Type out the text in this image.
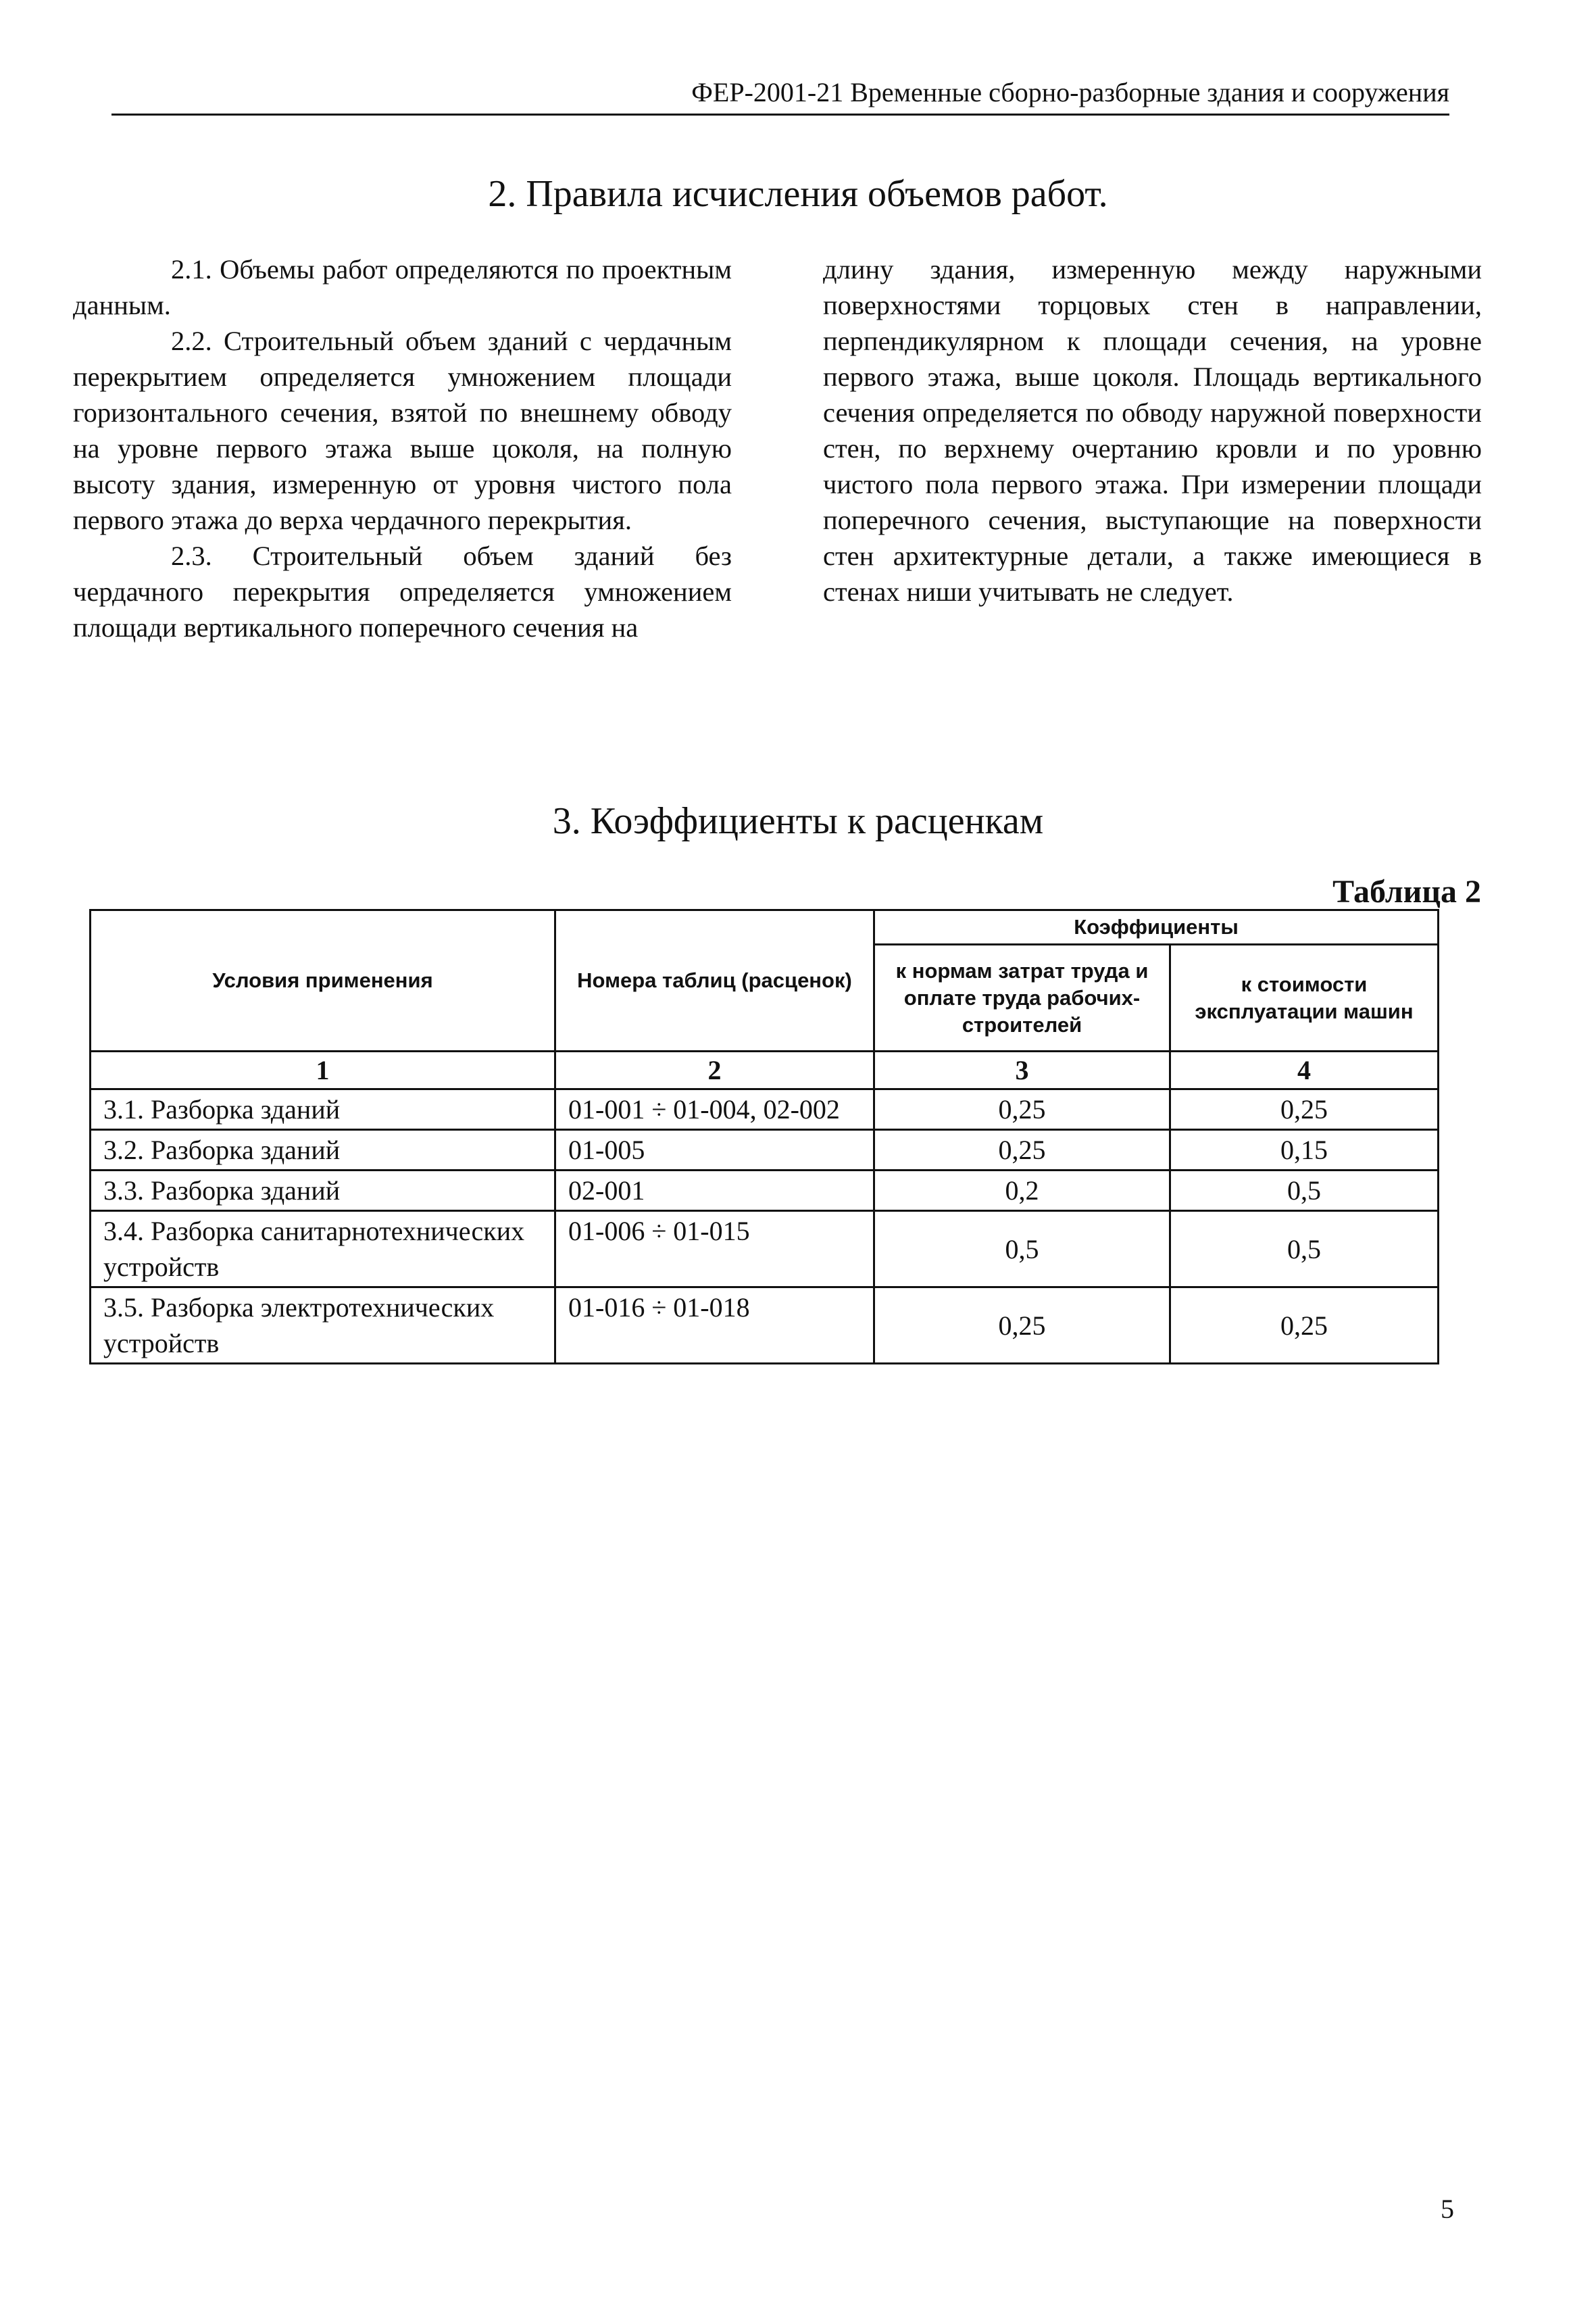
ФЕР-2001-21 Временные сборно-разборные здания и сооружения
2. Правила исчисления объемов работ.

2.1. Объемы работ определяются по проектным данным.

2.2. Строительный объем зданий с чердачным перекрытием определяется умножением площади горизонтального сечения, взятой по внешнему обводу на уровне первого этажа выше цоколя, на полную высоту здания, измеренную от уровня чистого пола первого этажа до верха чердачного перекрытия.

2.3. Строительный объем зданий без чердачного перекрытия определяется умножением площади вертикального поперечного сечения на

длину здания, измеренную между наружными поверхностями торцовых стен в направлении, перпендикулярном к площади сечения, на уровне первого этажа, выше цоколя. Площадь вертикального сечения определяется по обводу наружной поверхности стен, по верхнему очертанию кровли и по уровню чистого пола первого этажа. При измерении площади поперечного сечения, выступающие на поверхности стен архитектурные детали, а также имеющиеся в стенах ниши учитывать не следует.

3. Коэффициенты к расценкам
Таблица 2
Условия применения	Номера таблиц (расценок)	Коэффициенты	
		к нормам затрат труда и оплате труда рабочих-строителей	к стоимости эксплуатации машин
1	2	3	4
3.1. Разборка зданий	01-001 ÷ 01-004, 02-002	0,25	0,25
3.2. Разборка зданий	01-005	0,25	0,15
3.3. Разборка зданий	02-001	0,2	0,5
3.4. Разборка санитарнотехнических устройств	01-006 ÷ 01-015	0,5	0,5
3.5. Разборка электротехнических устройств	01-016 ÷ 01-018	0,25	0,25
5
